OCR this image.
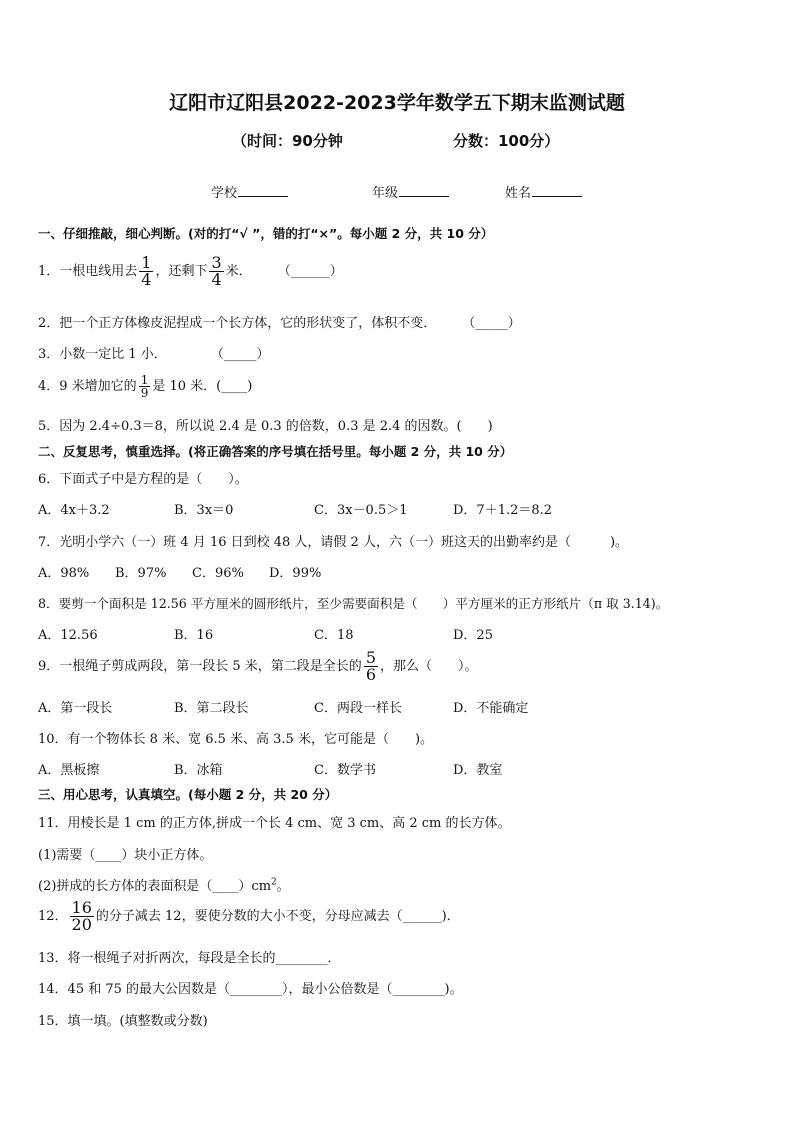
辽阳市辽阳县2022-2023学年数学五下期末监测试题
（时间：90分钟	分数：100分）
学校	年级	姓名
一、仔细推敲，细心判断。(对的打“√ ”，错的打“×”。每小题 2 分，共 10 分）
1．一根电线用去 $\frac{1}{4}$ ，还剩下 $\frac{3}{4}$ 米． （______）
2．把一个正方体橡皮泥捏成一个长方体，它的形状变了，体积不变． （_____）
3．小数一定比 1 小．	（_____）
4．9 米增加它的 $\frac{1}{9}$ 是 10 米．(____)
5．因为 2.4÷0.3＝8，所以说 2.4 是 0.3 的倍数，0.3 是 2.4 的因数。(　　)
二、反复思考，慎重选择。(将正确答案的序号填在括号里。每小题 2 分，共 10 分）
6．下面式子中是方程的是（　　）。
A．4x＋3.2	B．3x＝0	C．3x－0.5＞1	D．7＋1.2＝8.2
7．光明小学六（一）班 4 月 16 日到校 48 人，请假 2 人，六（一）班这天的出勤率约是（　　　)。
A．98% B．97% C．96% D．99%
8．要剪一个面积是 12.56 平方厘米的圆形纸片，至少需要面积是（　　）平方厘米的正方形纸片（π 取 3.14)。
A．12.56	B．16	C．18	D．25
9．一根绳子剪成两段，第一段长 5 米，第二段是全长的 $\frac{5}{6}$ ，那么（　　）。
A．第一段长	B．第二段长	C．两段一样长	D．不能确定
10．有一个物体长 8 米、宽 6.5 米、高 3.5 米，它可能是（　　)。
A．黑板擦	B．冰箱	C．数学书	D．教室
三、用心思考，认真填空。(每小题 2 分，共 20 分）
11．用棱长是 1 cm 的正方体,拼成一个长 4 cm、宽 3 cm、高 2 cm 的长方体。
(1)需要（____）块小正方体。
(2)拼成的长方体的表面积是$(\_\_\_\_)cm^2$。
12． $\frac{16}{20}$ 的分子减去 12，要使分数的大小不变，分母应减去（______)．
13．将一根绳子对折两次，每段是全长的________．
14．45 和 75 的最大公因数是（________），最小公倍数是（________)。
15．填一填。(填整数或分数)
